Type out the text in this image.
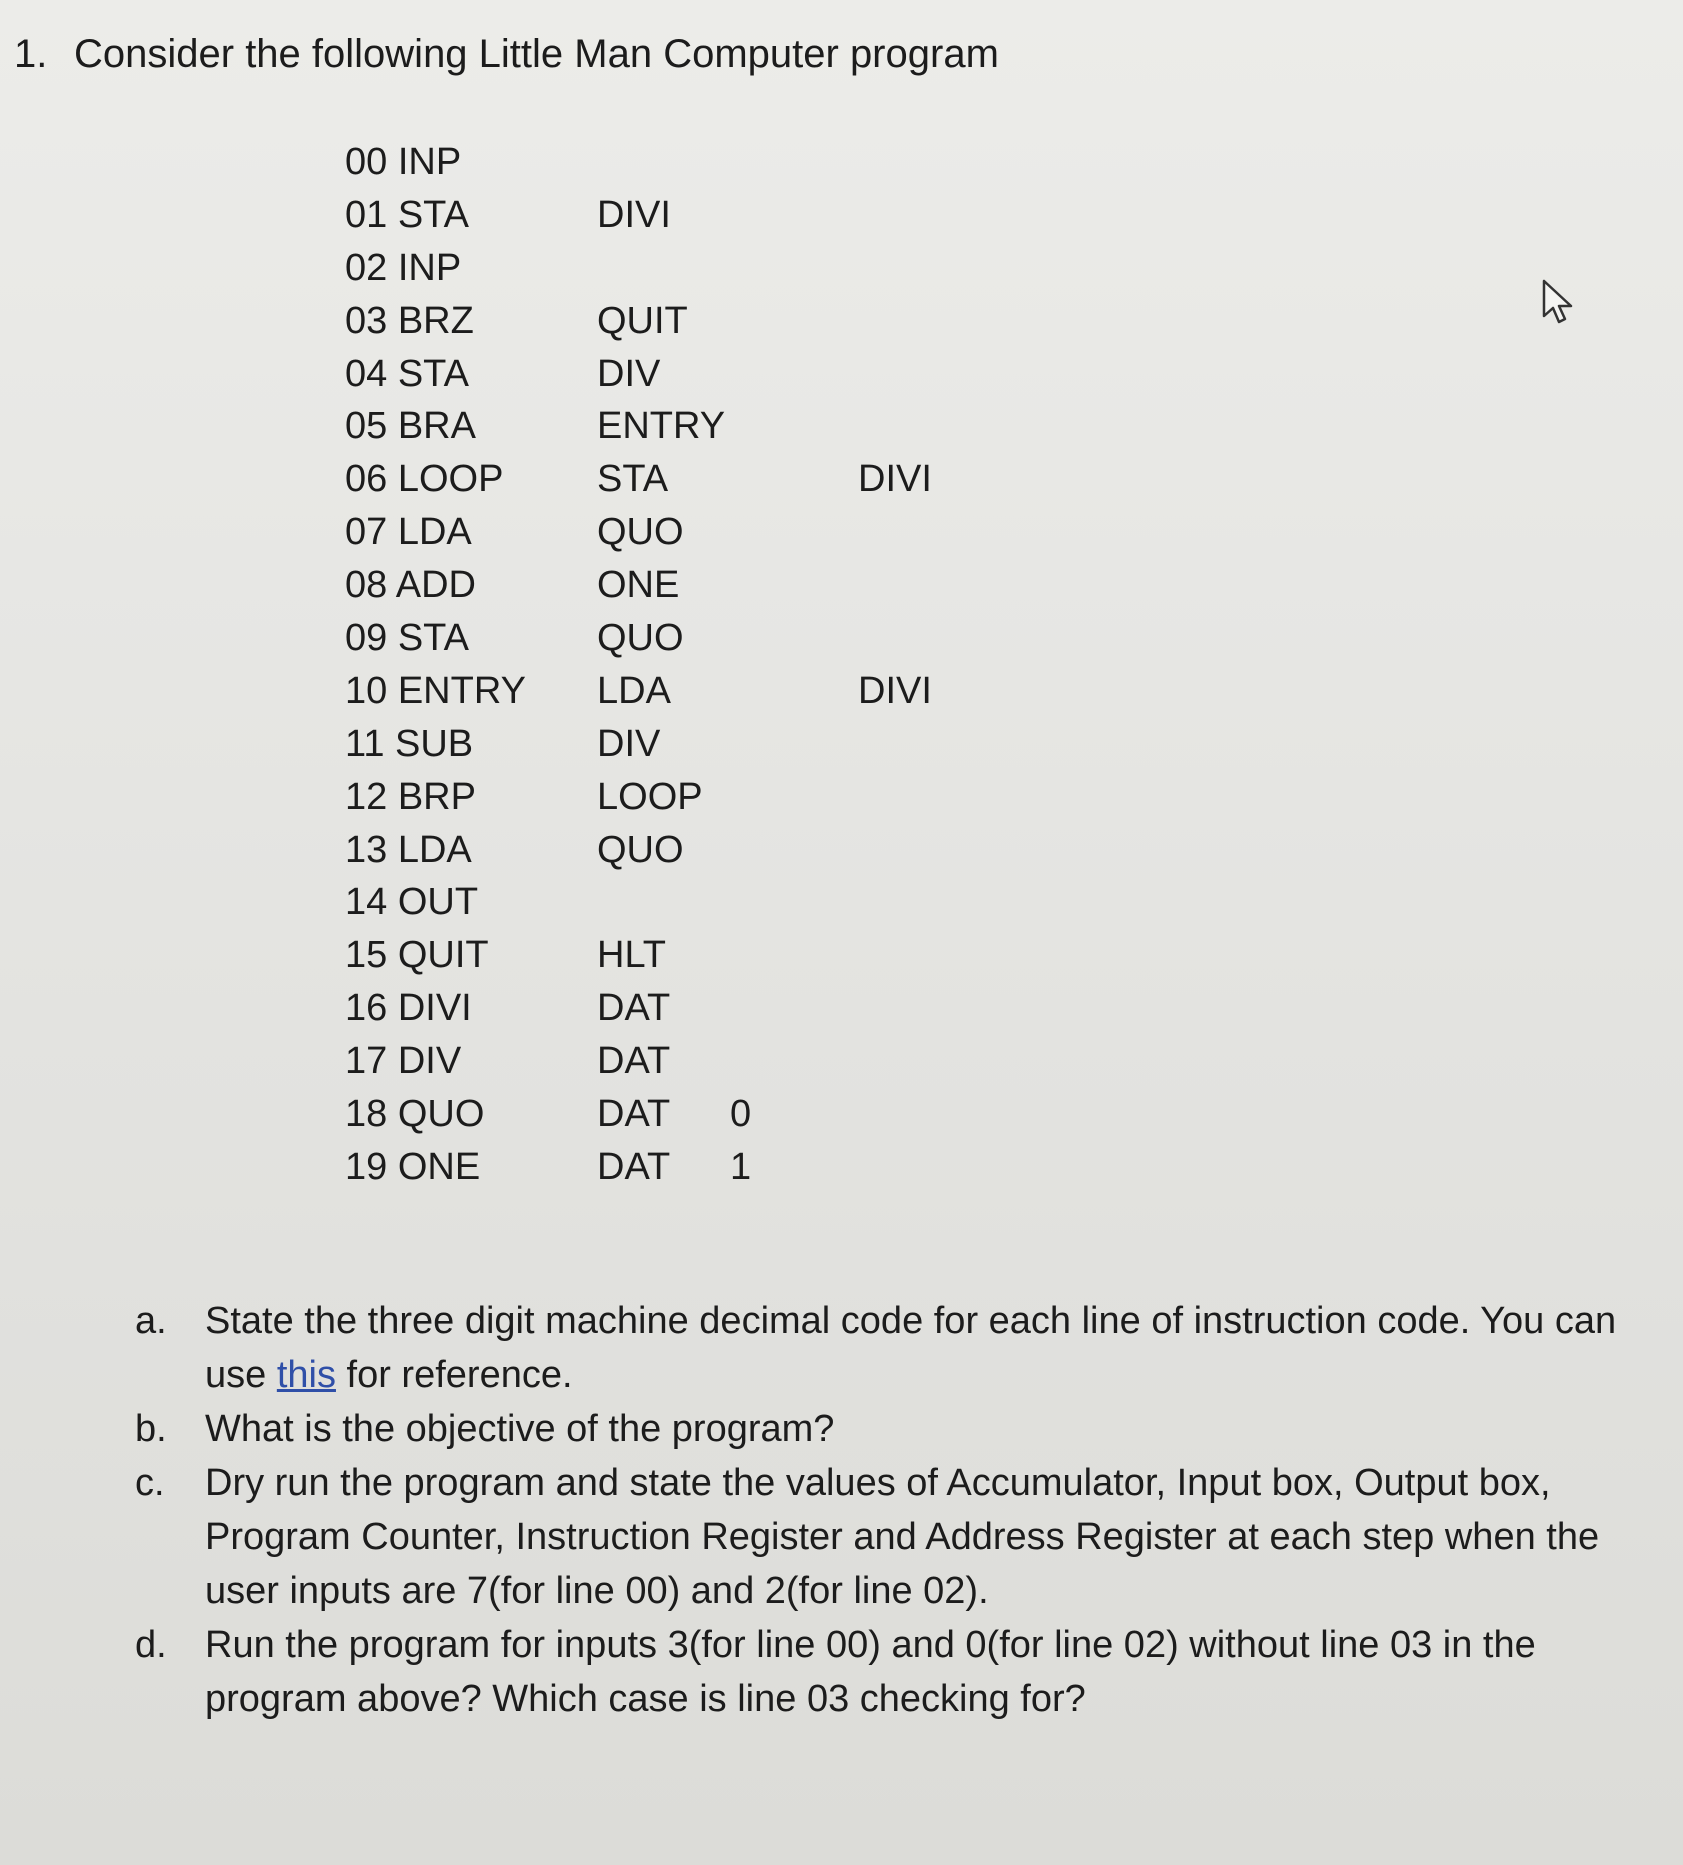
1. Consider the following Little Man Computer program
00 INP
01 STA	DIVI
02 INP
03 BRZ	QUIT
04 STA	DIV
05 BRA	ENTRY
06 LOOP STA	DIVI
07 LDA	QUO
08 ADD	ONE
09 STA	QUO
10 ENTRY LDA	DIVI
11 SUB	DIV
12 BRP	LOOP
13 LDA	QUO
14 OUT
15 QUIT	HLT
16 DIVI	DAT
17 DIV	DAT
18 QUO	DAT 0
19 ONE	DAT 1

a. State the three digit machine decimal code for each line of instruction code. You can use this for reference.

b. What is the objective of the program?

c. Dry run the program and state the values of Accumulator, Input box, Output box, Program Counter, Instruction Register and Address Register at each step when the user inputs are 7(for line 00) and 2(for line 02).

d. Run the program for inputs 3(for line 00) and 0(for line 02) without line 03 in the program above? Which case is line 03 checking for?
